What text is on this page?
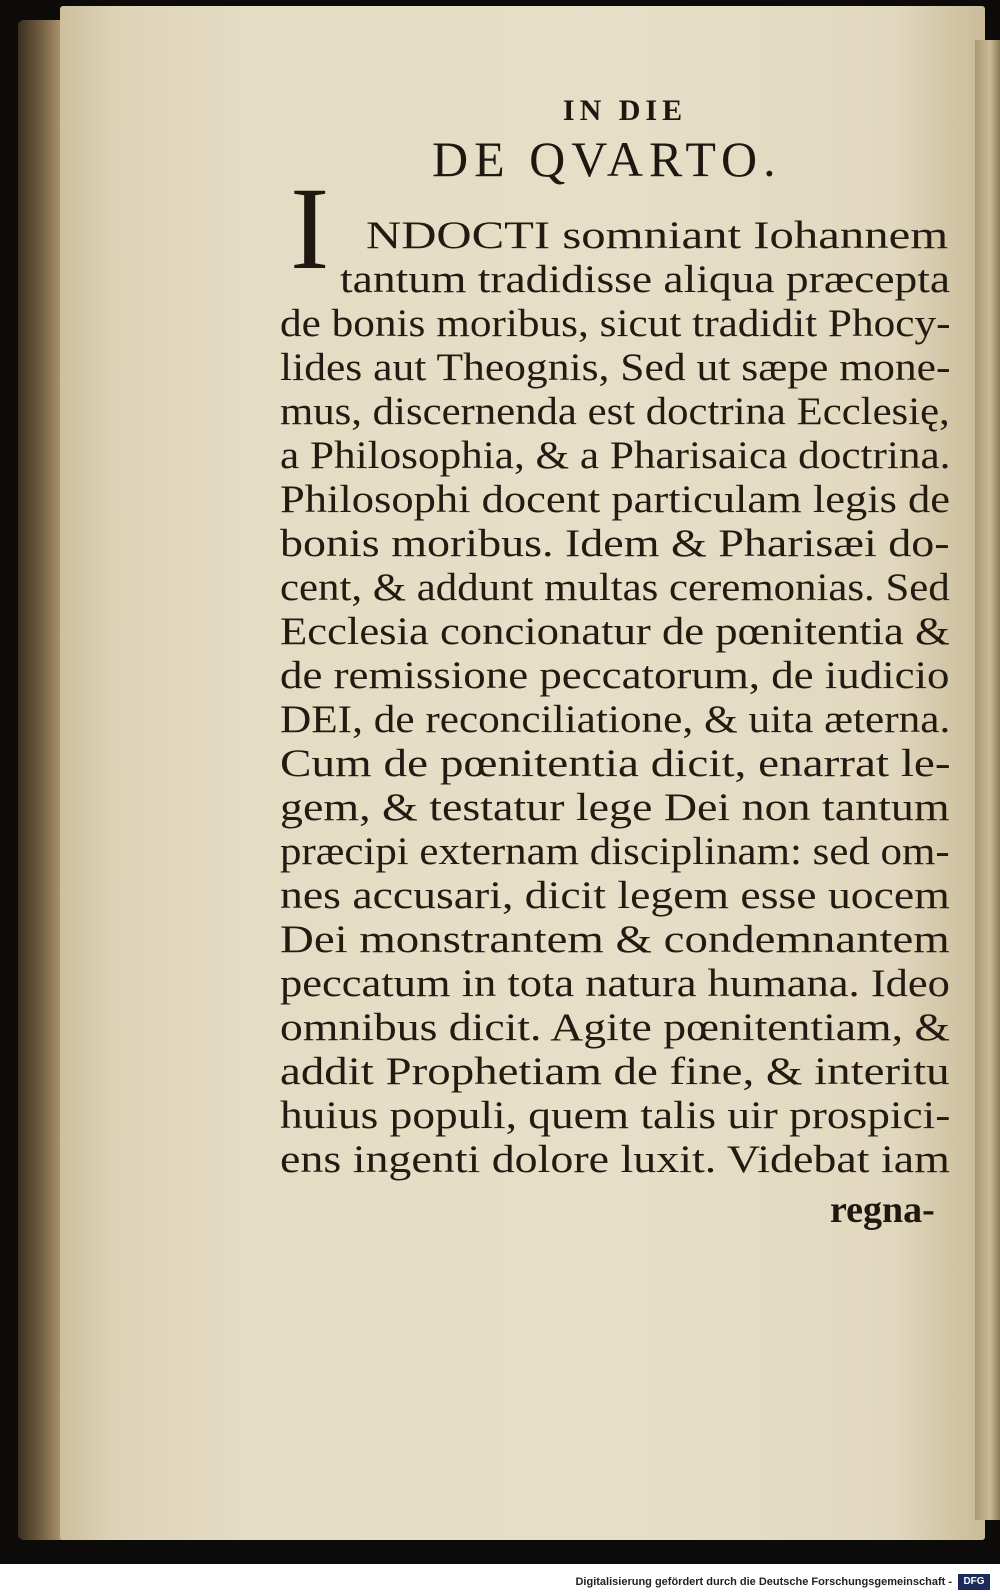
IN DIE
DE QVARTO.
I NDOCTI somniant Iohannem
tantum tradidisse aliqua præcepta
de bonis moribus, sicut tradidit Phocy-
lides aut Theognis, Sed ut sæpe mone-
mus, discernenda est doctrina Ecclesię,
a Philosophia, & a Pharisaica doctrina.
Philosophi docent particulam legis de
bonis moribus. Idem & Pharisæi do-
cent, & addunt multas ceremonias. Sed
Ecclesia concionatur de pœnitentia &
de remissione peccatorum, de iudicio
DEI, de reconciliatione, & uita æterna.
Cum de pœnitentia dicit, enarrat le-
gem, & testatur lege Dei non tantum
præcipi externam disciplinam: sed om-
nes accusari, dicit legem esse uocem
Dei monstrantem & condemnantem
peccatum in tota natura humana. Ideo
omnibus dicit. Agite pœnitentiam, &
addit Prophetiam de fine, & interitu
huius populi, quem talis uir prospici-
ens ingenti dolore luxit. Videbat iam
regna-
Digitalisierung gefördert durch die Deutsche Forschungsgemeinschaft -	DFG
